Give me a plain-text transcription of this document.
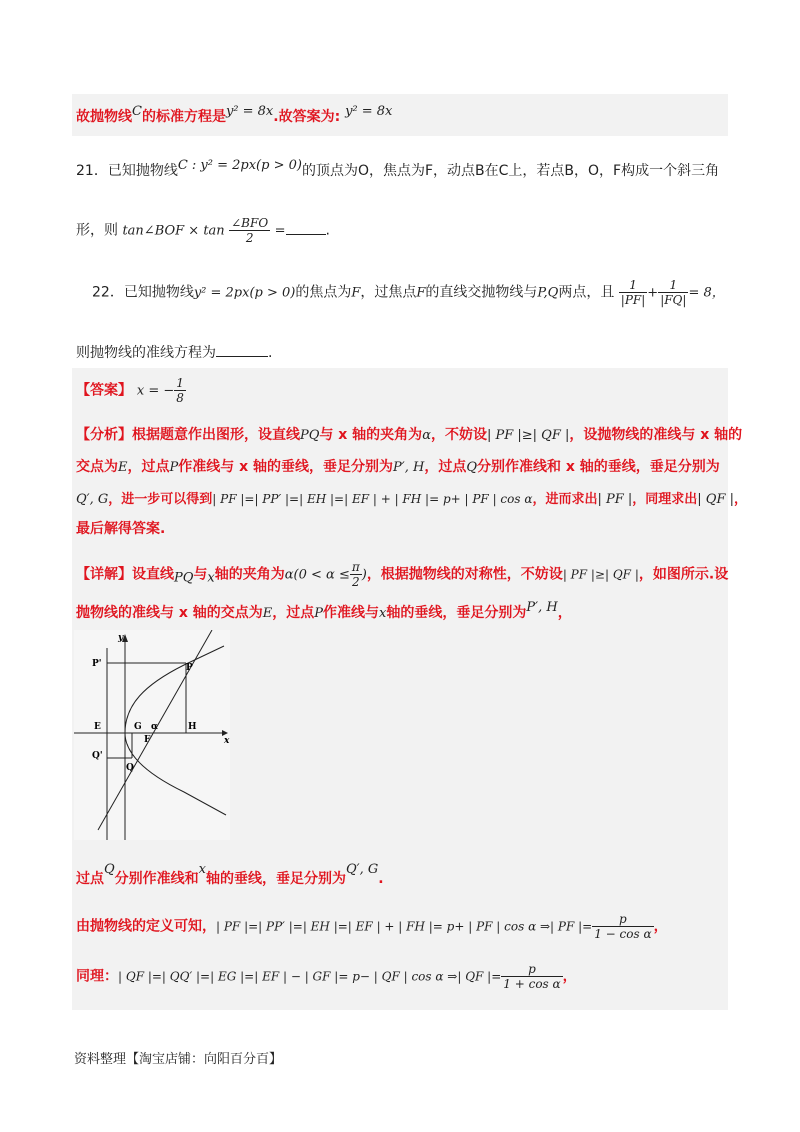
故抛物线C的标准方程是y² = 8x.故答案为: y² = 8x
21．已知抛物线C : y² = 2px(p > 0)的顶点为O，焦点为F，动点B在C上，若点B，O，F构成一个斜三角
形，则 tan∠BOF × $\tan \frac{\text{∠BFO}}{2}$ =	.
22．已知抛物线y² = 2px(p > 0)的焦点为F，过焦点F的直线交抛物线与P,Q两点，且 $\frac{1}{|PF|} + \frac{1}{|FQ|} = 8$，
则抛物线的准线方程为	.
【答案】 x = − $\frac{1}{8}$
【分析】根据题意作出图形，设直线PQ与 x 轴的夹角为α，不妨设| PF |≥| QF |，设抛物线的准线与 x 轴的
交点为E，过点P作准线与 x 轴的垂线，垂足分别为P′, H，过点Q分别作准线和 x 轴的垂线，垂足分别为
Q′, G，进一步可以得到| PF |=| PP′ |=| EH |=| EF | + | FH |= p+ | PF | cos α，进而求出| PF |，同理求出| QF |，
最后解得答案.
【详解】设直线PQ与x轴的夹角为$\alpha(0 < \alpha \le \frac{\pi}{2}$ )，根据抛物线的对称性，不妨设| PF |≥| QF |，如图所示.设
抛物线的准线与 x 轴的交点为E，过点P作准线与x轴的垂线，垂足分别为P′, H，
y
x
P'	P
E	G α	H
F
Q'
Q
过点Q分别作准线和x轴的垂线，垂足分别为Q′, G.
由抛物线的定义可知，| PF |=| PP′ |=| EH |=| EF | + | FH |= p+ | PF | cos α ⇒| PF |= $\frac{p}{\text{1 − cos α}}$ ，
同理：| QF |=| QQ′ |=| EG |=| EF | − | GF |= p− | QF | cos α ⇒| QF |= $\frac{p}{\text{1 + cos α}}$ ，
资料整理【淘宝店铺：向阳百分百】
